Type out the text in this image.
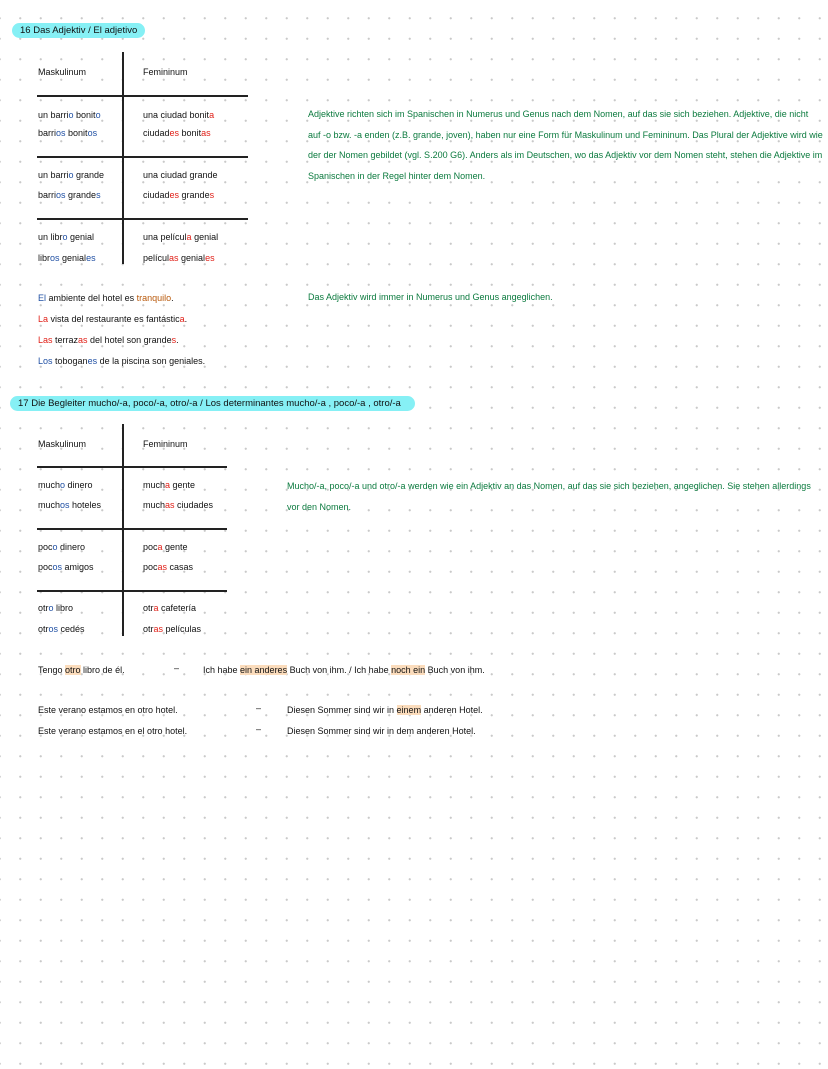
16 Das Adjektiv / El adjetivo
Maskulinum	Femininum
un barrio bonito	una ciudad bonita
barrios bonitos	ciudades bonitas
un barrio grande	una ciudad grande
barrios grandes	ciudades grandes
un libro genial	una película genial
libros geniales	películas geniales
Adjektive richten sich im Spanischen in Numerus und Genus nach dem Nomen, auf das sie sich beziehen. Adjektive, die nicht auf -o bzw. -a enden (z.B. grande, joven), haben nur eine Form für Maskulinum und Femininum. Das Plural der Adjektive wird wie der der Nomen gebildet (vgl. S.200 G6). Anders als im Deutschen, wo das Adjektiv vor dem Nomen steht, stehen die Adjektive im Spanischen in der Regel hinter dem Nomen.
El ambiente del hotel es tranquilo.
La vista del restaurante es fantástica.
Las terrazas del hotel son grandes.
Los toboganes de la piscina son geniales.
Das Adjektiv wird immer in Numerus und Genus angeglichen.
17 Die Begleiter mucho/-a, poco/-a, otro/-a / Los determinantes mucho/-a , poco/-a , otro/-a
Maskulinum	Femininum
mucho dinero	mucha gente
muchos hoteles	muchas ciudades
poco dinero	poca gente
pocos amigos	pocas casas
otro libro	otra cafetería
otros cedés	otras películas
Mucho/-a, poco/-a und otro/-a werden wie ein Adjektiv an das Nomen, auf das sie sich beziehen, angeglichen. Sie stehen allerdings vor den Nomen.
Tengo otro libro de él.	–	Ich habe ein anderes Buch von ihm. / Ich habe noch ein Buch von ihm.
Este verano estamos en otro hotel.	–	Diesen Sommer sind wir in einem anderen Hotel.
Este verano estamos en el otro hotel.	–	Diesen Sommer sind wir in dem anderen Hotel.
